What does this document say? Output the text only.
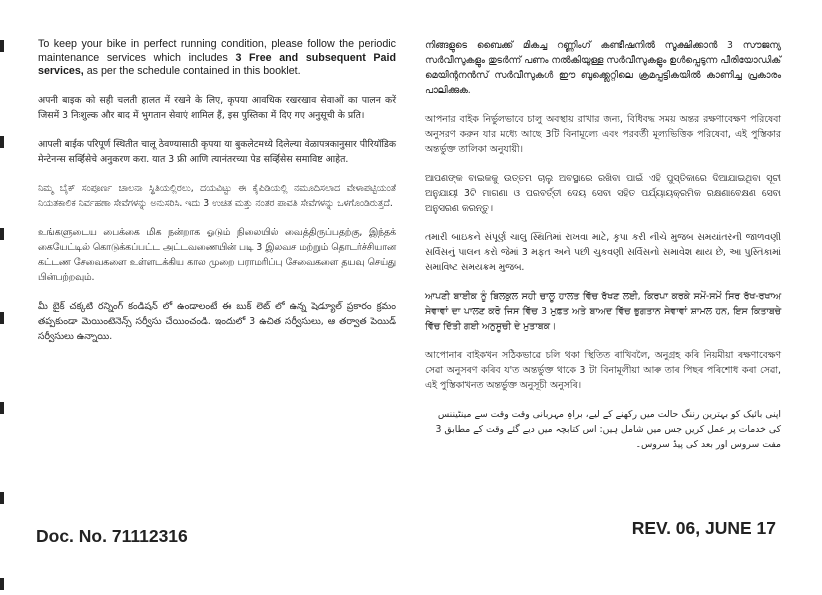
To keep your bike in perfect running condition, please follow the periodic maintenance services which includes 3 Free and subsequent Paid services, as per the schedule contained in this booklet.

अपनी बाइक को सही चलती हालत में रखने के लिए, कृपया आवधिक रखरखाव सेवाओं का पालन करें जिसमें 3 निःशुल्क और बाद में भुगतान सेवाएं शामिल हैं, इस पुस्तिका में दिए गए अनुसूची के प्रति।

आपली बाईक परिपूर्ण स्थितीत चालू ठेवण्यासाठी कृपया या बुकलेटमध्ये दिलेल्या वेळापत्रकानुसार पीरियॉडिक मेन्टेनन्स सर्व्हिसेचे अनुकरण करा. यात 3 फ्री आणि त्यानंतरच्या पेड सर्व्हिसेस समाविष्ट आहेत.

ನಿಮ್ಮ ಬೈಕ್ ಸಂಪೂರ್ಣ ಚಾಲನಾ ಸ್ಥಿತಿಯಲ್ಲಿರಲು, ದಯವಿಟ್ಟು ಈ ಕೈಪಿಡಿಯಲ್ಲಿ ನಮೂದಿಸಲಾದ ವೇಳಾಪಟ್ಟಿಯಂತೆ ನಿಯತಕಾಲಿಕ ನಿರ್ವಹಣಾ ಸೇವೆಗಳನ್ನು ಅನುಸರಿಸಿ. ಇದು 3 ಉಚಿತ ಮತ್ತು ನಂತರ ಪಾವತಿ ಸೇವೆಗಳನ್ನು ಒಳಗೊಂಡಿರುತ್ತದೆ.

உங்களுடைய பைக்கை மிக நன்றாக ஓடும் நிலையில் வைத்திருப்பதற்கு, இந்தக் கையேட்டில் கொடுக்கப்பட்ட அட்டவணையின் படி 3 இலவச மற்றும் தொடர்ச்சியான கட்டண சேவைகளை உள்ளடக்கிய கால முறை பராமரிப்பு சேவைகளை தயவு செய்து பின்பற்றவும்.

మీ బైక్ చక్కటి రన్నింగ్ కండిషన్ లో ఉండాలంటే ఈ బుక్ లెట్ లో ఉన్న షెడ్యూల్ ప్రకారం క్రమం తప్పకుండా మెయింటెనెన్స్ సర్వీసు చేయించండి. ఇందులో 3 ఉచిత సర్వీసులు, ఆ తర్వాత పెయిడ్ సర్వీసులు ఉన్నాయి.

നിങ്ങളുടെ ബൈക്ക് മികച്ച റണ്ണിംഗ് കണ്ടീഷനിൽ സൂക്ഷിക്കാൻ 3 സൗജന്യ സർവീസുകളും തുടർന്ന് പണം നൽകിയുള്ള സർവീസുകളും ഉൾപ്പെടുന്ന പീരിയോഡിക് മെയിന്റനൻസ് സർവീസുകൾ ഈ ബുക്ക്ലെറ്റിലെ ക്രമപ്പട്ടികയിൽ കാണിച്ച പ്രകാരം പാലിക്കുക.

আপনার বাইক নির্ভুলভাবে চালু অবস্থায় রাখার জন্য, বিধিবদ্ধ সময় অন্তর রক্ষণাবেক্ষণ পরিষেবা অনুসরণ করুন যার মধ্যে আছে 3টি বিনামূল্যে এবং পরবর্তী মূল্যভিত্তিক পরিষেবা, এই পুস্তিকার অন্তর্ভুক্ত তালিকা অনুযায়ী।

ଆପଣଙ୍କ ବାଇକକୁ ଉତ୍ତମ ଚାଲୁ ଅବସ୍ଥାରେ ରଖିବା ପାଇଁ ଏହି ପୁସ୍ତିକାରେ ଦିଆଯାଇଥିବା ସୂଚୀ ଅନୁଯାୟୀ 3ଟି ମାଗଣା ଓ ପରବର୍ତ୍ତୀ ଦେୟ ସେବା ସହିତ ପର୍ଯ୍ୟାୟକ୍ରମିକ ରକ୍ଷଣାବେକ୍ଷଣ ସେବା ଅନୁସରଣ କରନ୍ତୁ।

તમારી બાઇકને સંપૂર્ણ ચાલુ સ્થિતિમાં રાખવા માટે, કૃપા કરી નીચે મુજબ સમયાંતરની જાળવણી સર્વિસનું પાલન કરો જેમાં 3 મફત અને પછી ચુકવણી સર્વિસનો સમાવેશ થાય છે, આ પુસ્તિકામાં સમાવિષ્ટ સમયક્રમ મુજબ.

ਆਪਣੀ ਬਾਈਕ ਨੂੰ ਬਿਲਕੁਲ ਸਹੀ ਚਾਲੂ ਹਾਲਤ ਵਿੱਚ ਰੱਖਣ ਲਈ, ਕਿਰਪਾ ਕਰਕੇ ਸਮੇਂ-ਸਮੇਂ ਸਿਰ ਰੱਖ-ਰਖਾਅ ਸੇਵਾਵਾਂ ਦਾ ਪਾਲਣ ਕਰੋ ਜਿਸ ਵਿੱਚ 3 ਮੁਫ਼ਤ ਅਤੇ ਬਾਅਦ ਵਿੱਚ ਭੁਗਤਾਨ ਸੇਵਾਵਾਂ ਸ਼ਾਮਲ ਹਨ, ਇਸ ਕਿਤਾਬਚੇ ਵਿੱਚ ਦਿੱਤੀ ਗਈ ਅਨੁਸੂਚੀ ਦੇ ਮੁਤਾਬਕ।

আপোনাৰ বাইকখন সঠিকভাৱে চলি থকা স্থিতিত ৰাখিবলৈ, অনুগ্ৰহ কৰি নিয়মীয়া ৰক্ষণাবেক্ষণ সেৱা অনুসৰণ কৰিব য'ত অন্তৰ্ভুক্ত থাকে 3 টা বিনামূলীয়া আৰু তাৰ পিছৰ পৰিশোধ কৰা সেৱা, এই পুস্তিকাখনত অন্তৰ্ভুক্ত অনুসূচী অনুসৰি।

اپنی بائیک کو بہترین رننگ حالت میں رکھنے کے لیے، براہِ مہربانی وقت وقت سے مینٹیننس کی خدمات پر عمل کریں جس میں شامل ہیں: اس کتابچہ میں دیے گئے وقت کے مطابق 3 مفت سروس اور بعد کی پیڈ سروس۔

Doc. No. 71112316	REV. 06, JUNE 17
